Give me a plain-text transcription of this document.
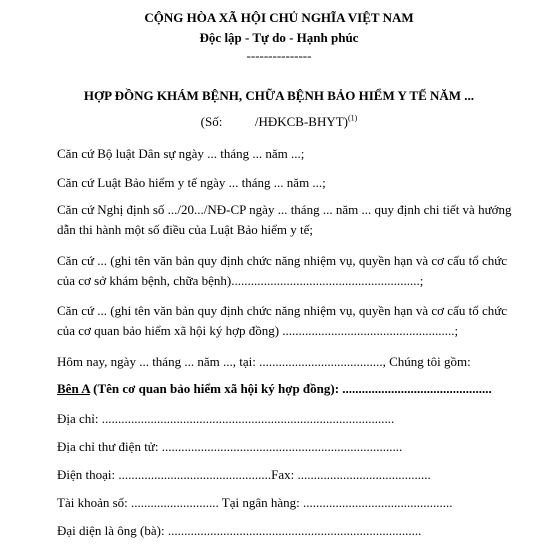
CỘNG HÒA XÃ HỘI CHỦ NGHĨA VIỆT NAM
Độc lập - Tự do - Hạnh phúc
---------------
HỢP ĐỒNG KHÁM BỆNH, CHỮA BỆNH BẢO HIỂM Y TẾ NĂM ...
(Số:	/HĐKCB-BHYT)$^{(1)}$
Căn cứ Bộ luật Dân sự ngày ... tháng ... năm ...;
Căn cứ Luật Bảo hiểm y tế ngày ... tháng ... năm ...;
Căn cứ Nghị định số .../20.../NĐ-CP ngày ... tháng ... năm ... quy định chi tiết và hướng
dẫn thi hành một số điều của Luật Bảo hiểm y tế;
Căn cứ ... (ghi tên văn bản quy định chức năng nhiệm vụ, quyền hạn và cơ cấu tổ chức
của cơ sở khám bệnh, chữa bệnh)..........................................................;
Căn cứ ... (ghi tên văn bản quy định chức năng nhiệm vụ, quyền hạn và cơ cấu tổ chức
của cơ quan bảo hiểm xã hội ký hợp đồng) .....................................................;
Hôm nay, ngày ... tháng ... năm ..., tại: ......................................, Chúng tôi gồm:
Bên A (Tên cơ quan bảo hiểm xã hội ký hợp đồng): ..............................................
Địa chỉ: ..........................................................................................
Địa chỉ thư điện tử: ..........................................................................
Điện thoại: ...............................................Fax: .........................................
Tài khoản số: ........................... Tại ngân hàng: ..............................................
Đại diện là ông (bà): ..............................................................................
